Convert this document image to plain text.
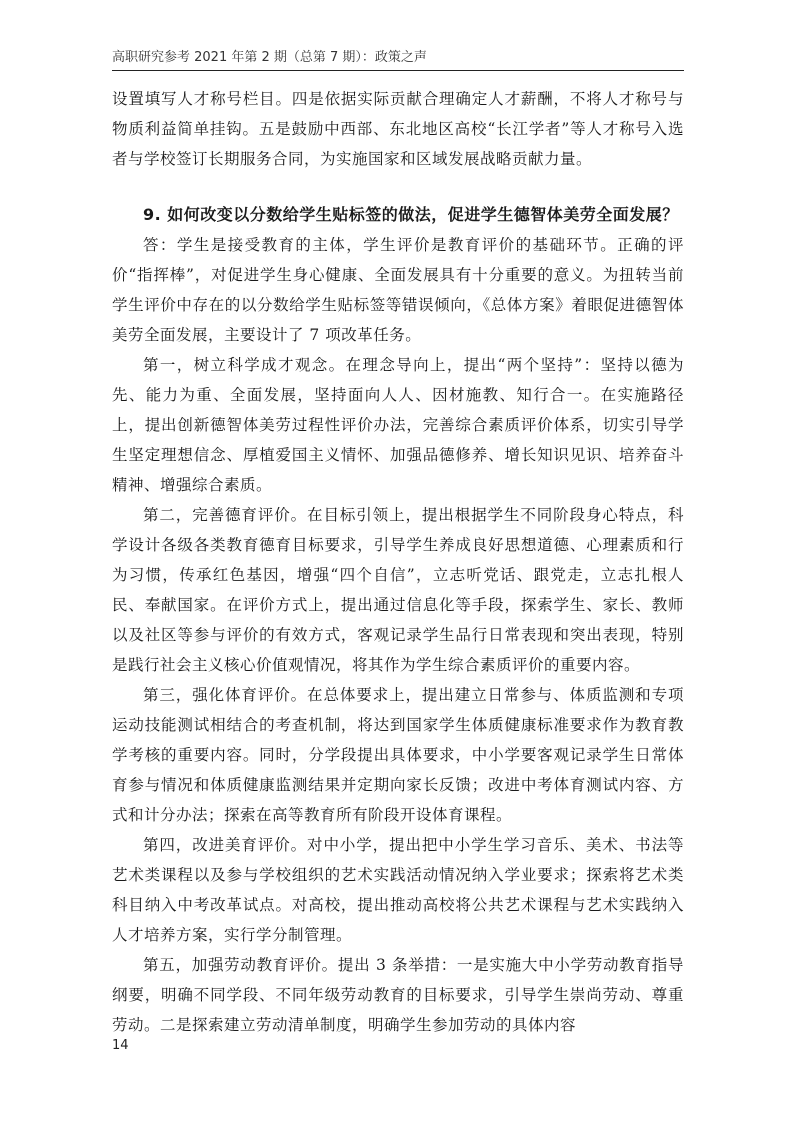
高职研究参考 2021 年第 2 期（总第 7 期）：政策之声

设置填写人才称号栏目。四是依据实际贡献合理确定人才薪酬，不将人才称号与物质利益简单挂钩。五是鼓励中西部、东北地区高校“长江学者”等人才称号入选者与学校签订长期服务合同，为实施国家和区域发展战略贡献力量。

9. 如何改变以分数给学生贴标签的做法，促进学生德智体美劳全面发展？

答：学生是接受教育的主体，学生评价是教育评价的基础环节。正确的评价“指挥棒”，对促进学生身心健康、全面发展具有十分重要的意义。为扭转当前学生评价中存在的以分数给学生贴标签等错误倾向，《总体方案》着眼促进德智体美劳全面发展，主要设计了 7 项改革任务。

第一，树立科学成才观念。在理念导向上，提出“两个坚持”：坚持以德为先、能力为重、全面发展，坚持面向人人、因材施教、知行合一。在实施路径上，提出创新德智体美劳过程性评价办法，完善综合素质评价体系，切实引导学生坚定理想信念、厚植爱国主义情怀、加强品德修养、增长知识见识、培养奋斗精神、增强综合素质。

第二，完善德育评价。在目标引领上，提出根据学生不同阶段身心特点，科学设计各级各类教育德育目标要求，引导学生养成良好思想道德、心理素质和行为习惯，传承红色基因，增强“四个自信”，立志听党话、跟党走，立志扎根人民、奉献国家。在评价方式上，提出通过信息化等手段，探索学生、家长、教师以及社区等参与评价的有效方式，客观记录学生品行日常表现和突出表现，特别是践行社会主义核心价值观情况，将其作为学生综合素质评价的重要内容。

第三，强化体育评价。在总体要求上，提出建立日常参与、体质监测和专项运动技能测试相结合的考查机制，将达到国家学生体质健康标准要求作为教育教学考核的重要内容。同时，分学段提出具体要求，中小学要客观记录学生日常体育参与情况和体质健康监测结果并定期向家长反馈；改进中考体育测试内容、方式和计分办法；探索在高等教育所有阶段开设体育课程。

第四，改进美育评价。对中小学，提出把中小学生学习音乐、美术、书法等艺术类课程以及参与学校组织的艺术实践活动情况纳入学业要求；探索将艺术类科目纳入中考改革试点。对高校，提出推动高校将公共艺术课程与艺术实践纳入人才培养方案，实行学分制管理。

第五，加强劳动教育评价。提出 3 条举措：一是实施大中小学劳动教育指导纲要，明确不同学段、不同年级劳动教育的目标要求，引导学生崇尚劳动、尊重劳动。二是探索建立劳动清单制度，明确学生参加劳动的具体内容

14
